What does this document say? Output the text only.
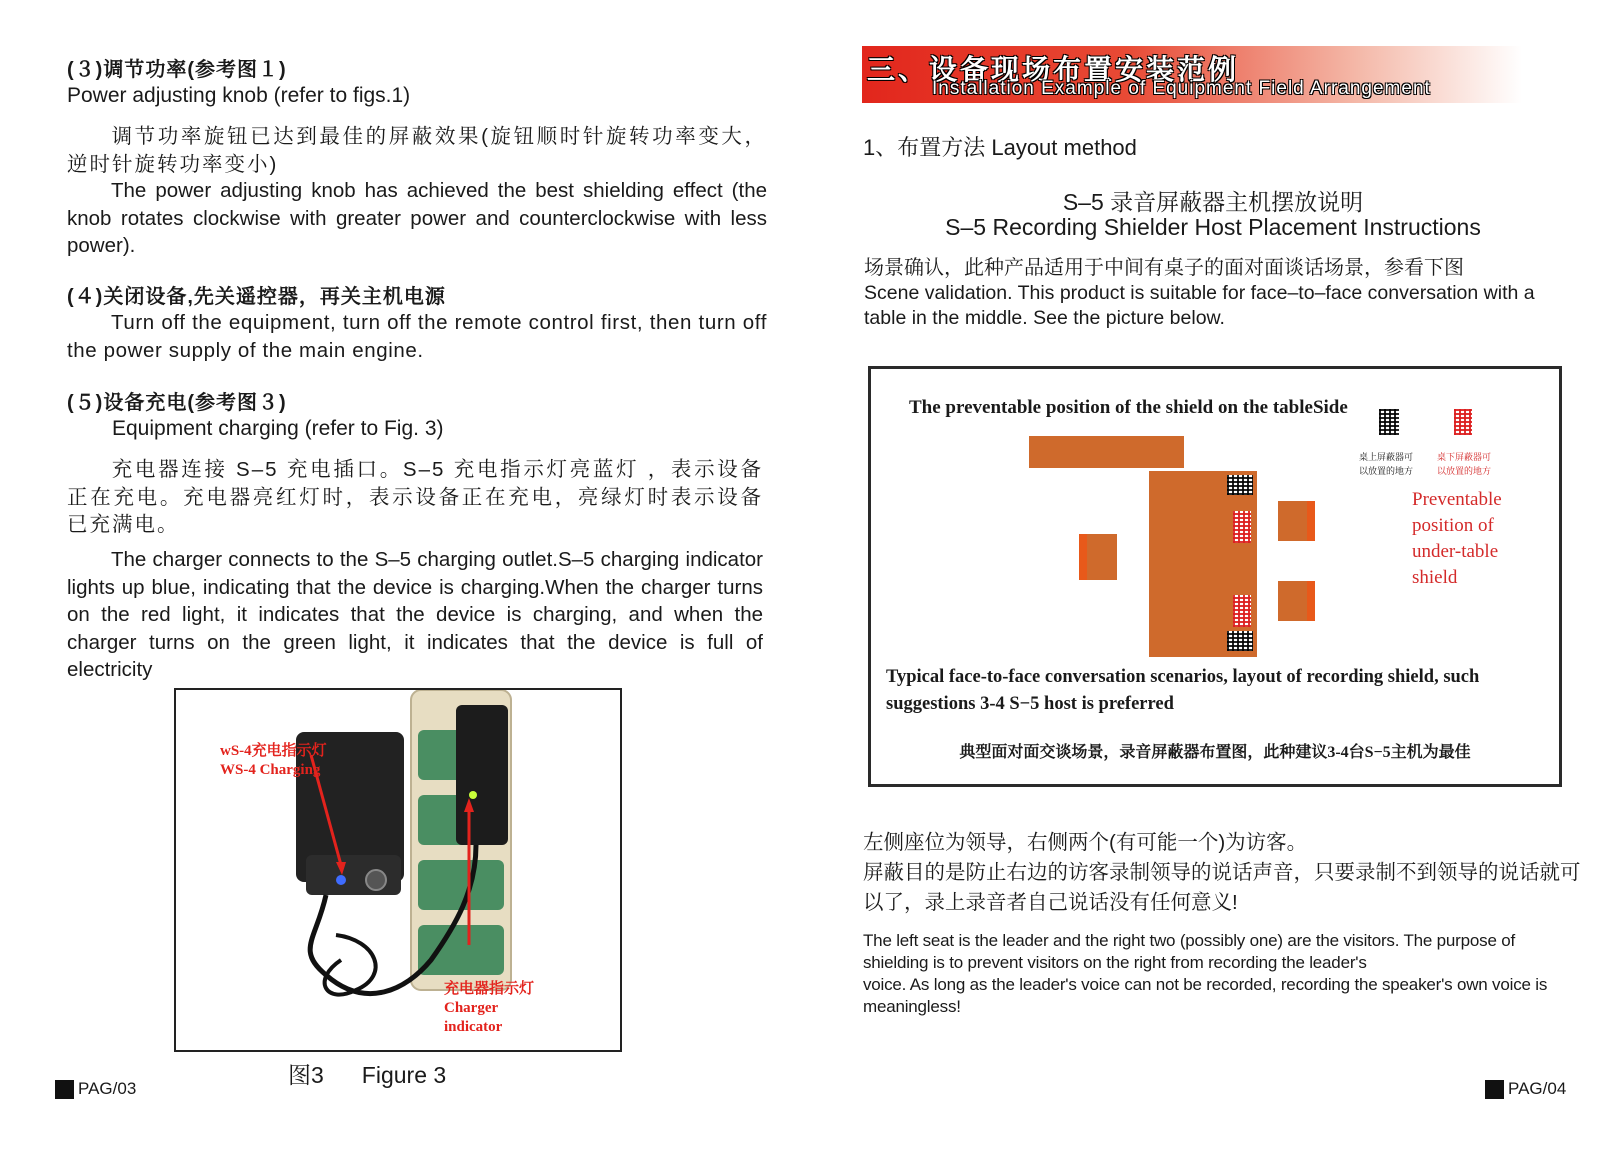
(３)调节功率(参考图１)
Power adjusting knob (refer to figs.1)
调节功率旋钮已达到最佳的屏蔽效果(旋钮顺时针旋转功率变大，逆时针旋转功率变小)
The power adjusting knob has achieved the best shielding effect (the knob rotates clockwise with greater power and counterclockwise with less power).
(４)关闭设备,先关遥控器，再关主机电源
Turn off the equipment, turn off the remote control first, then turn off the power supply of the main engine.
(５)设备充电(参考图３)
Equipment charging (refer to Fig. 3)
充电器连接 S–5 充电插口。S–5 充电指示灯亮蓝灯 ，表示设备正在充电。充电器亮红灯时，表示设备正在充电，亮绿灯时表示设备已充满电。
The charger connects to the S–5 charging outlet.S–5 charging indicator lights up blue, indicating that the device is charging.When the charger turns on the red light, it indicates that the device is charging, and when the charger turns on the green light, it indicates that the device is full of electricity
wS-4充电指示灯
WS-4 Charging
充电器指示灯
Charger
indicator
图3 Figure 3
PAG/03
三、设备现场布置安装范例
Installation Example of Equipment Field Arrangement
1、布置方法 Layout method
S–5 录音屏蔽器主机摆放说明
S–5 Recording Shielder Host Placement Instructions
场景确认，此种产品适用于中间有桌子的面对面谈话场景，参看下图
Scene validation. This product is suitable for face–to–face conversation with a table in the middle. See the picture below.
The preventable position of the shield on the tableSide
桌上屏蔽器可
以放置的地方
桌下屏蔽器可
以放置的地方
Preventable
position of
under-table
shield
Typical face-to-face conversation scenarios, layout of recording shield, such
suggestions 3-4 S−5 host is preferred
典型面对面交谈场景，录音屏蔽器布置图，此种建议3-4台S−5主机为最佳
左侧座位为领导，右侧两个(有可能一个)为访客。
屏蔽目的是防止右边的访客录制领导的说话声音，只要录制不到领导的说话就可以了，录上录音者自己说话没有任何意义!
The left seat is the leader and the right two (possibly one) are the visitors. The purpose of shielding is to prevent visitors on the right from recording the leader's
voice. As long as the leader's voice can not be recorded, recording the speaker's own voice is meaningless!
PAG/04
